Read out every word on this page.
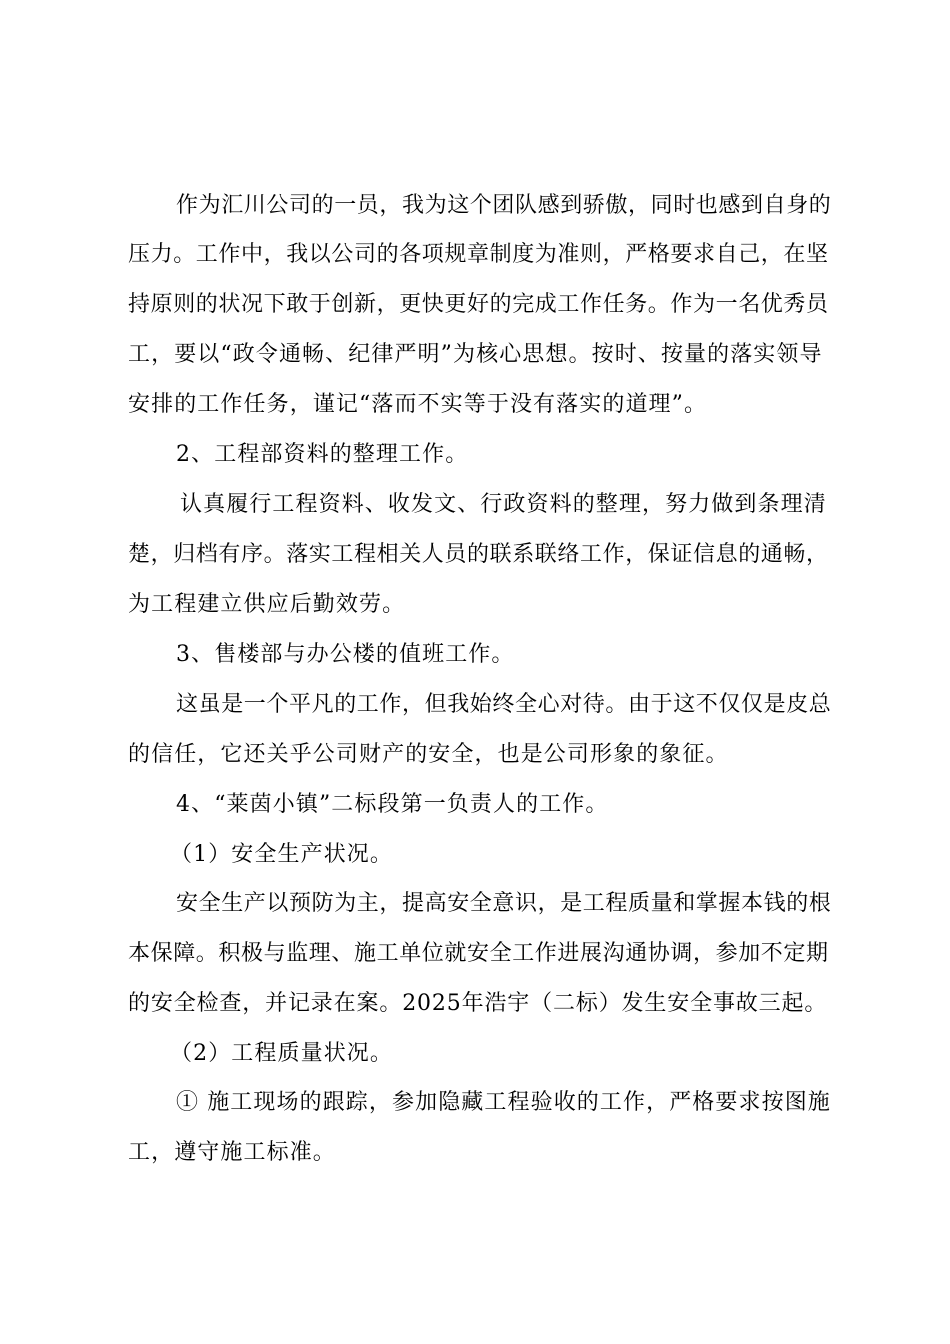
作为汇川公司的一员，我为这个团队感到骄傲，同时也感到自身的
压力。工作中，我以公司的各项规章制度为准则，严格要求自己，在坚
持原则的状况下敢于创新，更快更好的完成工作任务。作为一名优秀员
工，要以“政令通畅、纪律严明”为核心思想。按时、按量的落实领导
安排的工作任务，谨记“落而不实等于没有落实的道理”。
2、工程部资料的整理工作。
认真履行工程资料、收发文、行政资料的整理，努力做到条理清
楚，归档有序。落实工程相关人员的联系联络工作，保证信息的通畅，
为工程建立供应后勤效劳。
3、售楼部与办公楼的值班工作。
这虽是一个平凡的工作，但我始终全心对待。由于这不仅仅是皮总
的信任，它还关乎公司财产的安全，也是公司形象的象征。
4、“莱茵小镇”二标段第一负责人的工作。
（1）安全生产状况。
安全生产以预防为主，提高安全意识，是工程质量和掌握本钱的根
本保障。积极与监理、施工单位就安全工作进展沟通协调，参加不定期
的安全检查，并记录在案。2025年浩宇（二标）发生安全事故三起。
（2）工程质量状况。
① 施工现场的跟踪，参加隐藏工程验收的工作，严格要求按图施
工，遵守施工标准。
